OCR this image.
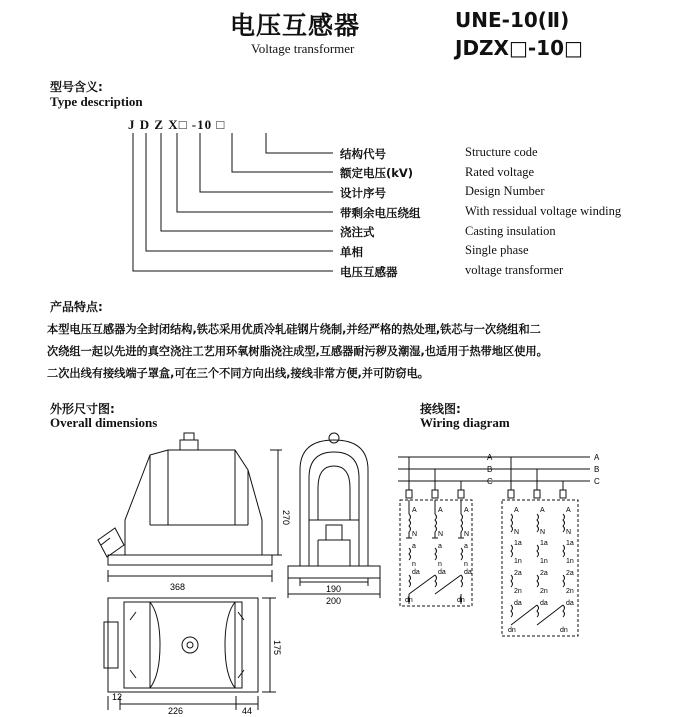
电压互感器
Voltage transformer
UNE-10(Ⅱ)
JDZX□-10□
型号含义:
Type description
J D Z X□ -10 □
结构代号	Structure code
额定电压(kV)	Rated voltage
设计序号	Design Number
带剩余电压绕组	With ressidual voltage winding
浇注式	Casting insulation
单相	Single phase
电压互感器	voltage transformer
产品特点:
本型电压互感器为全封闭结构,铁芯采用优质冷轧硅钢片绕制,并经严格的热处理,铁芯与一次绕组和二
次绕组一起以先进的真空浇注工艺用环氧树脂浇注成型,互感器耐污秽及潮湿,也适用于热带地区使用。
二次出线有接线端子罩盒,可在三个不同方向出线,接线非常方便,并可防窃电。
外形尺寸图:
Overall dimensions
接线图:
Wiring diagram
368
270
190
200
175
226
12
44
A
B
C
A
B
C
A	A	A
N	N	N
a	a	a
n	n	n
da	da	da
dn	dn
A	A	A
N	N	N
1a	1a	1a
1n	1n	1n
2a	2a	2a
2n	2n	2n
da	da	da
dn	dn
